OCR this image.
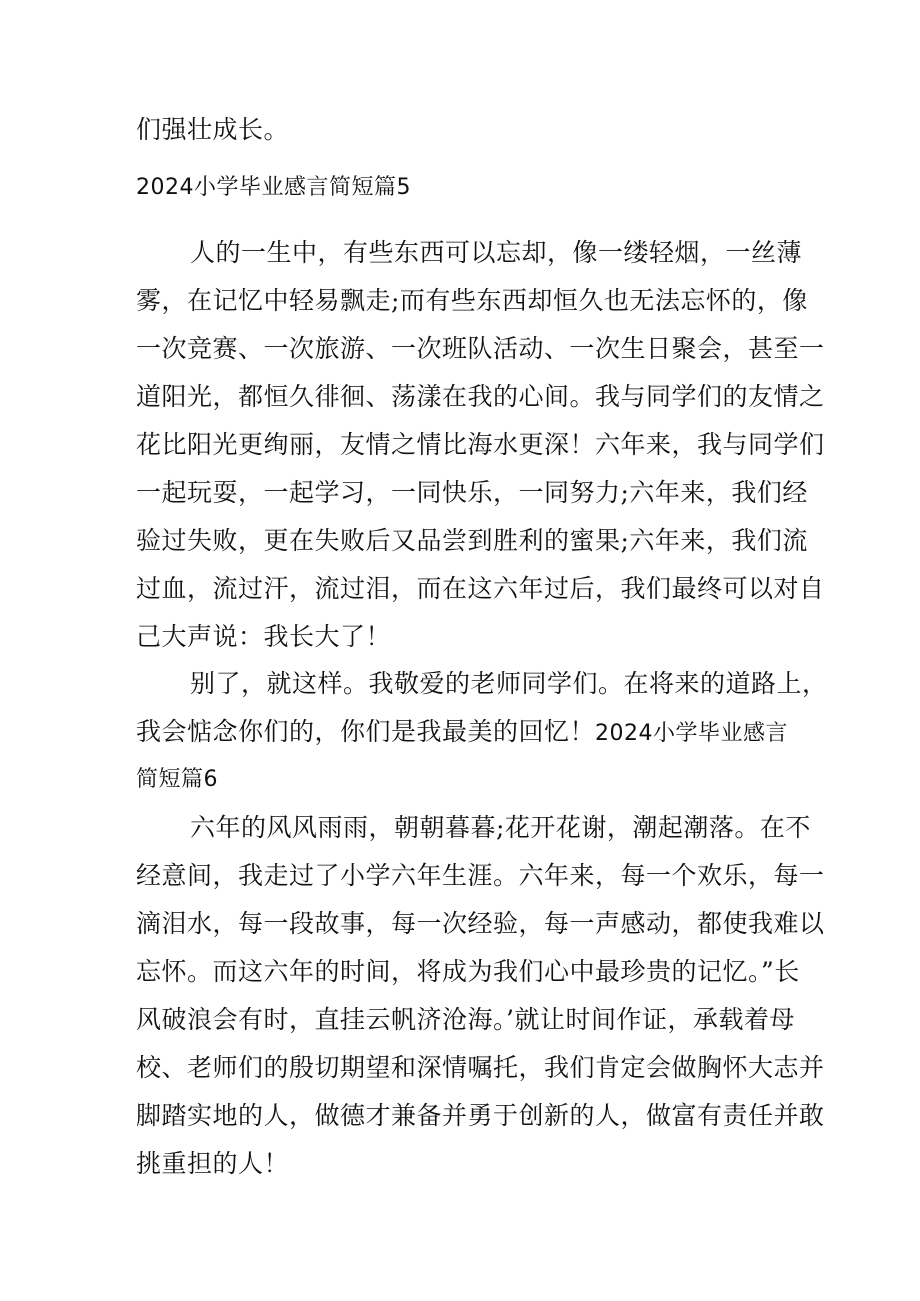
们强壮成长。
2024小学毕业感言简短篇5
人的一生中，有些东西可以忘却，像一缕轻烟，一丝薄
雾，在记忆中轻易飘走;而有些东西却恒久也无法忘怀的，像
一次竞赛、一次旅游、一次班队活动、一次生日聚会，甚至一
道阳光，都恒久徘徊、荡漾在我的心间。我与同学们的友情之
花比阳光更绚丽，友情之情比海水更深！六年来，我与同学们
一起玩耍，一起学习，一同快乐，一同努力;六年来，我们经
验过失败，更在失败后又品尝到胜利的蜜果;六年来，我们流
过血，流过汗，流过泪，而在这六年过后，我们最终可以对自
己大声说：我长大了！
别了，就这样。我敬爱的老师同学们。在将来的道路上，
我会惦念你们的，你们是我最美的回忆！2024小学毕业感言
简短篇6
六年的风风雨雨，朝朝暮暮;花开花谢，潮起潮落。在不
经意间，我走过了小学六年生涯。六年来，每一个欢乐，每一
滴泪水，每一段故事，每一次经验，每一声感动，都使我难以
忘怀。而这六年的时间，将成为我们心中最珍贵的记忆。”长
风破浪会有时，直挂云帆济沧海。’就让时间作证，承载着母
校、老师们的殷切期望和深情嘱托，我们肯定会做胸怀大志并
脚踏实地的人，做德才兼备并勇于创新的人，做富有责任并敢
挑重担的人！
